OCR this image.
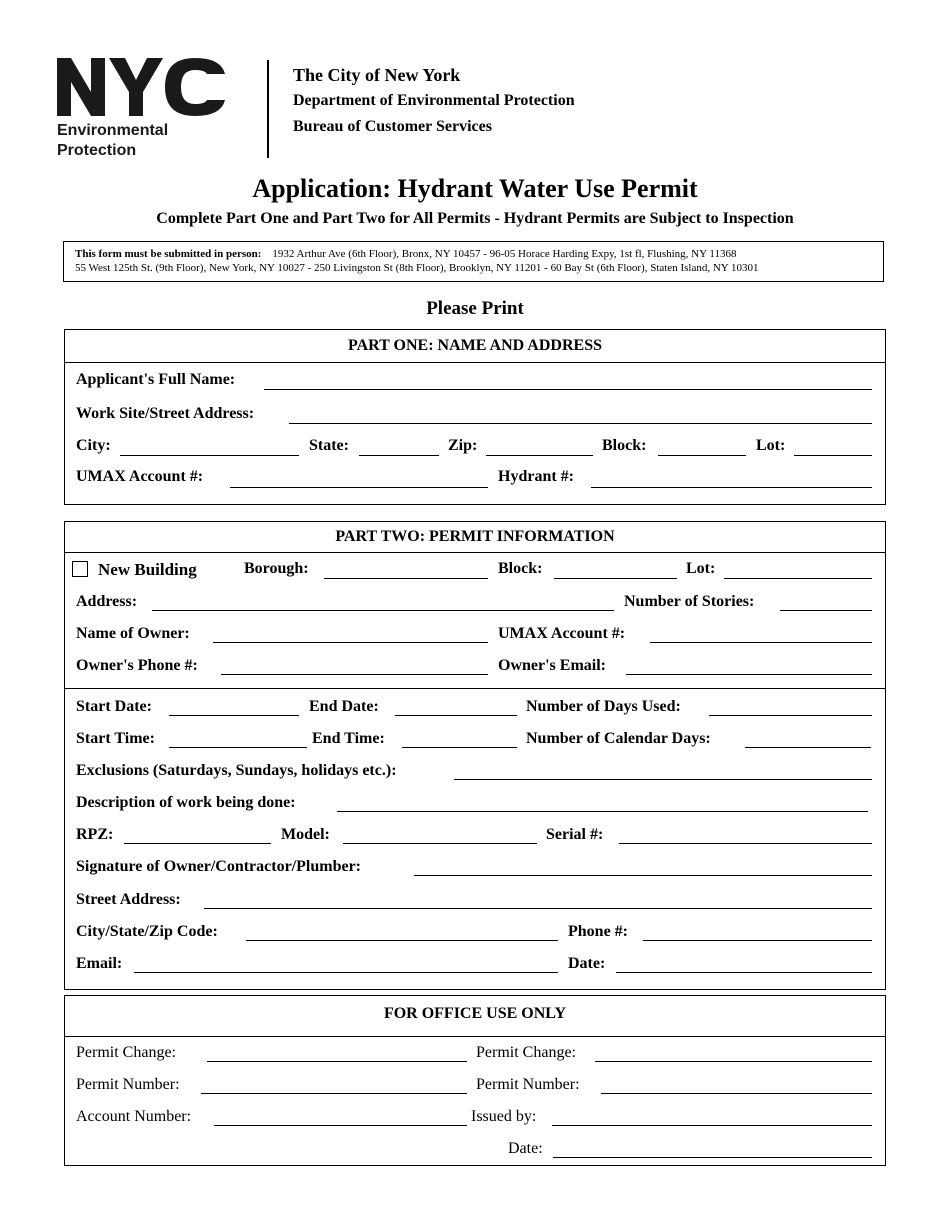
Environmental
Protection
The City of New York
Department of Environmental Protection
Bureau of Customer Services
Application: Hydrant Water Use Permit
Complete Part One and Part Two for All Permits - Hydrant Permits are Subject to Inspection
This form must be submitted in person: 1932 Arthur Ave (6th Floor), Bronx, NY 10457 - 96-05 Horace Harding Expy, 1st fl, Flushing, NY 11368
55 West 125th St. (9th Floor), New York, NY 10027 - 250 Livingston St (8th Floor), Brooklyn, NY 11201 - 60 Bay St (6th Floor), Staten Island, NY 10301
Please Print
PART ONE: NAME AND ADDRESS
Applicant's Full Name:
Work Site/Street Address:
City:	State:	Zip:	Block:	Lot:
UMAX Account #:	Hydrant #:
PART TWO: PERMIT INFORMATION
New Building	Borough:	Block:	Lot:
Address:	Number of Stories:
Name of Owner:	UMAX Account #:
Owner's Phone #:	Owner's Email:
Start Date:	End Date:	Number of Days Used:
Start Time:	End Time:	Number of Calendar Days:
Exclusions (Saturdays, Sundays, holidays etc.):
Description of work being done:
RPZ:	Model:	Serial #:
Signature of Owner/Contractor/Plumber:
Street Address:
City/State/Zip Code:	Phone #:
Email:	Date:
FOR OFFICE USE ONLY
Permit Change:	Permit Change:
Permit Number:	Permit Number:
Account Number:	Issued by:
Date:
